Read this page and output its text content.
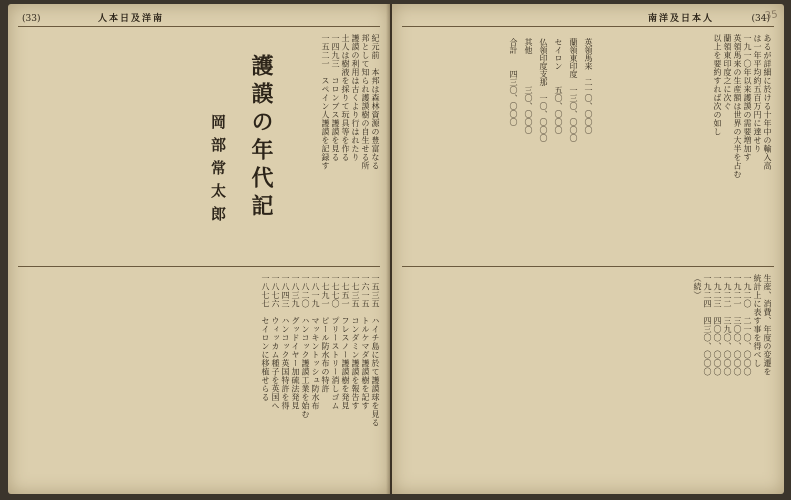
(33)	人本日及洋南
護謨の年代記
岡部常太郎
紀元前　本邦は森林資源の豊富なる
邦として知られ護謨樹の自生せる所
護謨の利用は古くより行はれたり
土人は樹液を採りて玩具等を作る
一四九三　コロンブス護謨を見る
一五二一　スペイン人護謨を記録す
一五三五　ハイチ島に於て護謨球を見る
一六一五　トルケマダ護謨樹を記す
一七三五　コンダミン護謨を報告す
一七五一　フレスノー護謨樹を発見
一七七〇　プリーストリー消しゴム
一七九一　ピール防水布の特許
一八一九　マッキントッシュ防水布
一八二〇　ハンコック護謨工業を始む
一八三九　グッドイヤー加硫法発見
一八四三　ハンコック英国特許を得
一八七六　ウィッカム種子を英国へ
一八七七　セイロンに移植せらる
南洋及日本人	(34)
35
あるが詳細に於ける十年中の輸入高
は一年平均約五百万円に達せり
一九一〇年以来護謨の需要増加す
英領馬来の生産額は世界の大半を占む
蘭領東印度之に次ぐ
以上を要約すれば次の如し
英領馬来　二一〇、〇〇〇
蘭領東印度　一三〇、〇〇〇
セイロン　　五〇、〇〇〇
仏領印度支那　一〇、〇〇〇
其他　　　　三〇、〇〇〇
合計　　四三〇、〇〇〇
生産、消費、年度の変遷を
統計上に表す事を得べし
一九二〇　二一〇、〇〇〇
一九二一　三〇〇、〇〇〇
一九二二　三九〇、〇〇〇
一九二三　四〇〇、〇〇〇
一九二四　四三〇、〇〇〇
（続）
